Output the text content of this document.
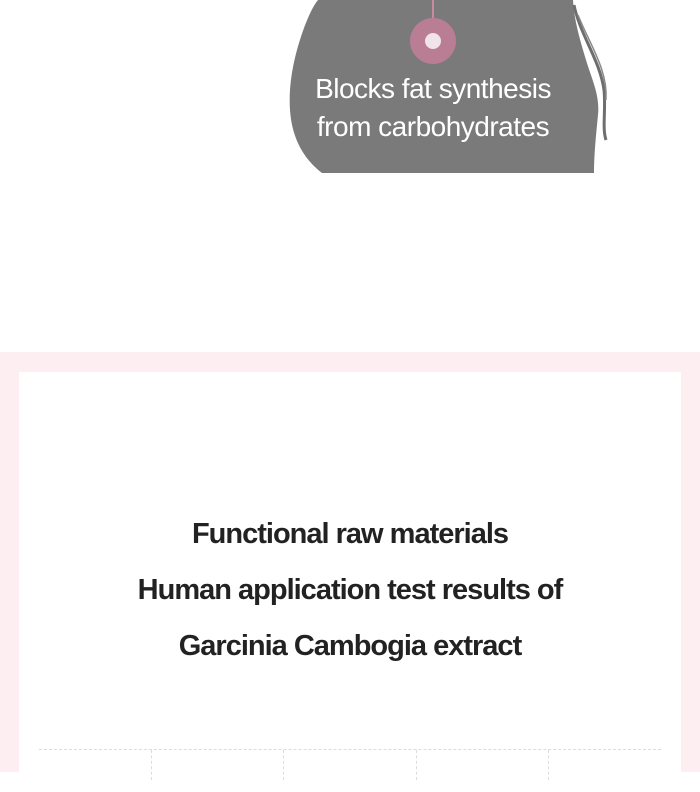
Blocks fat synthesis
from carbohydrates
Functional raw materials
Human application test results of
Garcinia Cambogia extract
